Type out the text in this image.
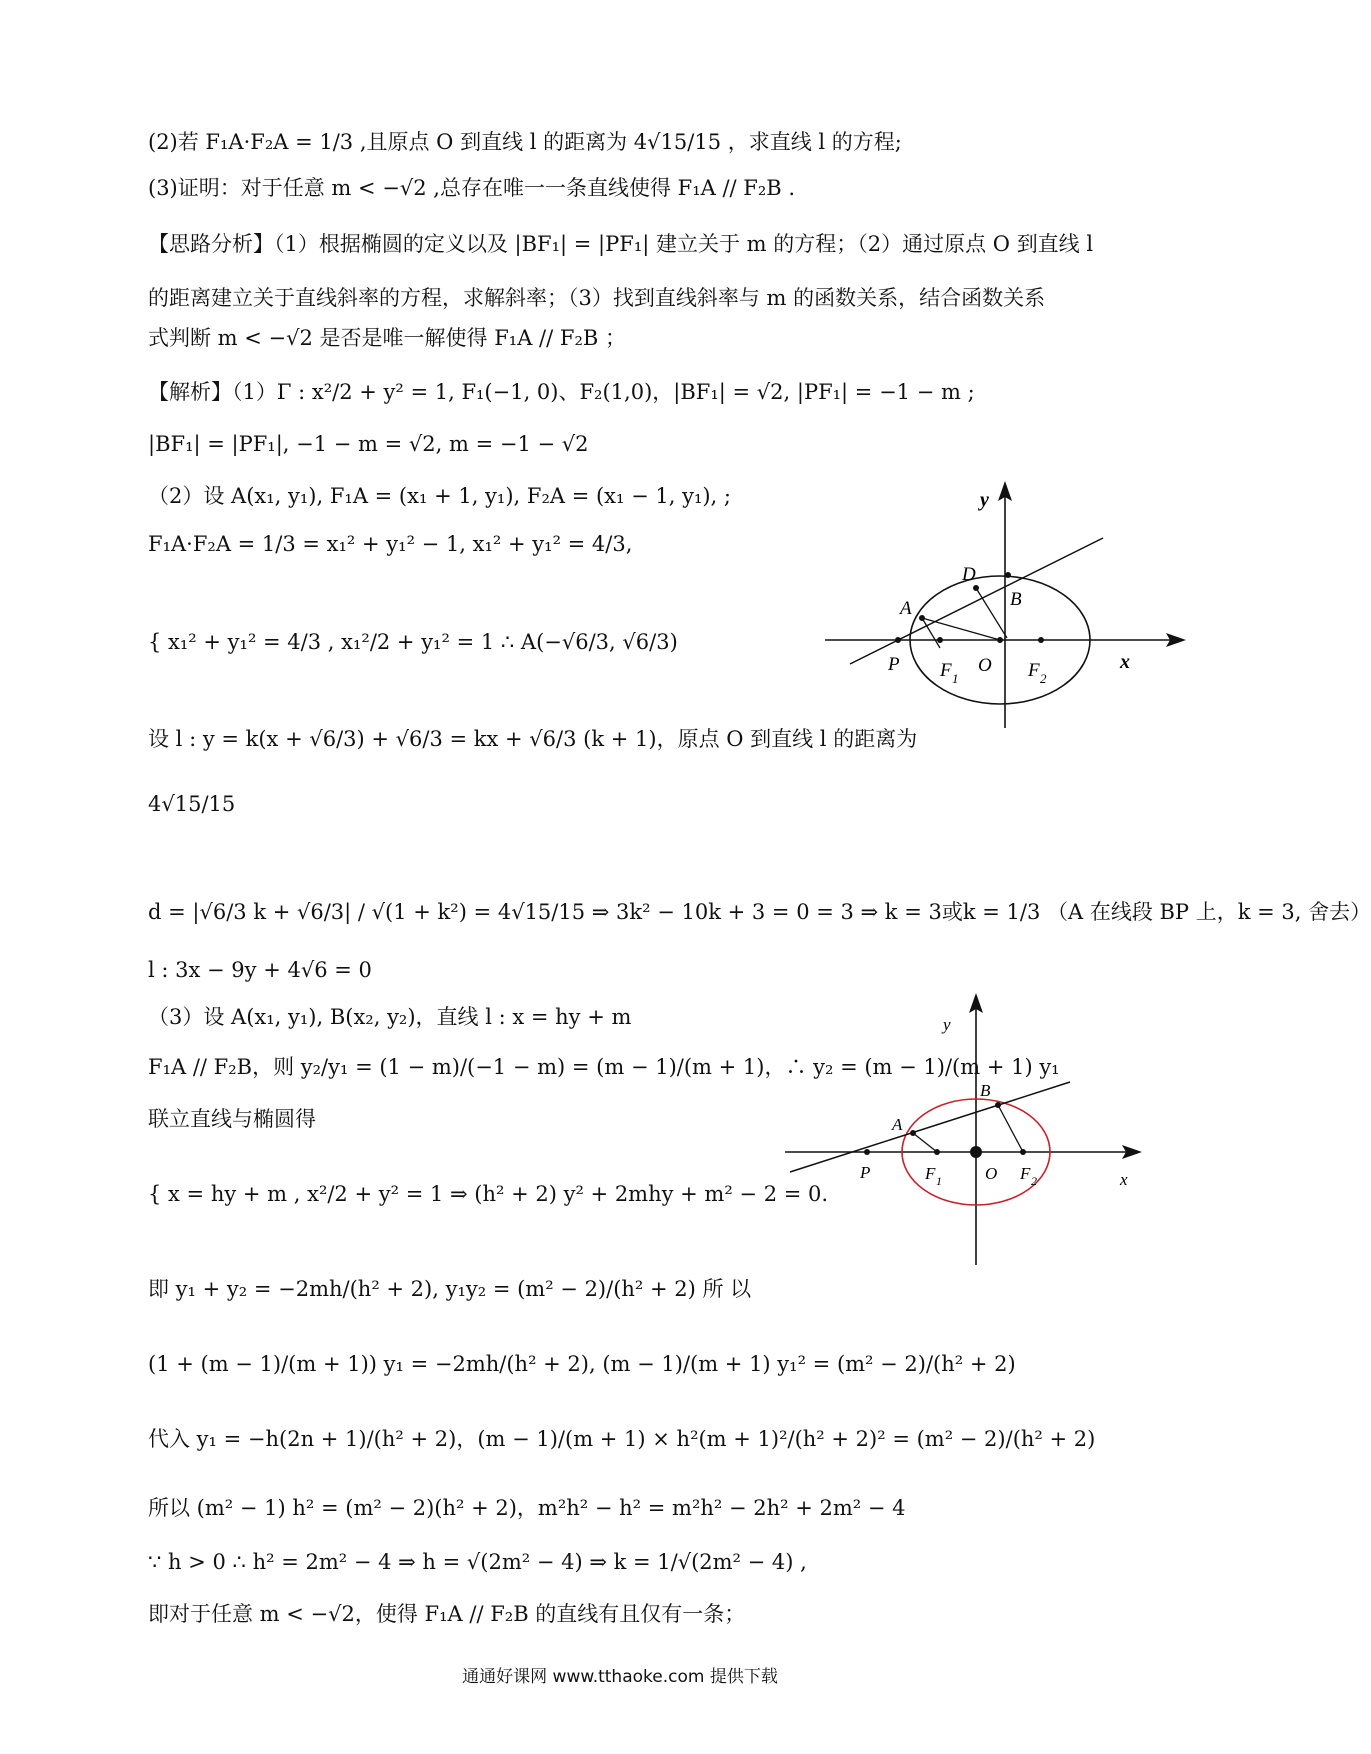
(2)若 F₁A·F₂A = 1/3 ,且原点 O 到直线 l 的距离为 4√15/15 ，求直线 l 的方程;
(3)证明：对于任意 m < −√2 ,总存在唯一一条直线使得 F₁A // F₂B .
【思路分析】（1）根据椭圆的定义以及 |BF₁| = |PF₁| 建立关于 m 的方程；（2）通过原点 O 到直线 l
的距离建立关于直线斜率的方程，求解斜率；（3）找到直线斜率与 m 的函数关系，结合函数关系
式判断 m < −√2 是否是唯一解使得 F₁A // F₂B ；
【解析】（1）Γ : x²/2 + y² = 1, F₁(−1, 0)、F₂(1,0)，|BF₁| = √2, |PF₁| = −1 − m ;
|BF₁| = |PF₁|, −1 − m = √2, m = −1 − √2
（2）设 A(x₁, y₁), F₁A = (x₁ + 1, y₁), F₂A = (x₁ − 1, y₁), ;
F₁A·F₂A = 1/3 = x₁² + y₁² − 1, x₁² + y₁² = 4/3,
{ x₁² + y₁² = 4/3 , x₁²/2 + y₁² = 1 ∴ A(−√6/3, √6/3)
设 l : y = k(x + √6/3) + √6/3 = kx + √6/3 (k + 1)，原点 O 到直线 l 的距离为
4√15/15
d = |√6/3 k + √6/3| / √(1 + k²) = 4√15/15 ⇒ 3k² − 10k + 3 = 0 = 3 ⇒ k = 3或k = 1/3 （A 在线段 BP 上，k = 3, 舍去）
l : 3x − 9y + 4√6 = 0
（3）设 A(x₁, y₁), B(x₂, y₂)，直线 l : x = hy + m
F₁A // F₂B，则 y₂/y₁ = (1 − m)/(−1 − m) = (m − 1)/(m + 1)，∴ y₂ = (m − 1)/(m + 1) y₁
联立直线与椭圆得
{ x = hy + m , x²/2 + y² = 1 ⇒ (h² + 2) y² + 2mhy + m² − 2 = 0.
即 y₁ + y₂ = −2mh/(h² + 2), y₁y₂ = (m² − 2)/(h² + 2) 所 以
(1 + (m − 1)/(m + 1)) y₁ = −2mh/(h² + 2), (m − 1)/(m + 1) y₁² = (m² − 2)/(h² + 2)
代入 y₁ = −h(2n + 1)/(h² + 2)，(m − 1)/(m + 1) × h²(m + 1)²/(h² + 2)² = (m² − 2)/(h² + 2)
所以 (m² − 1) h² = (m² − 2)(h² + 2)，m²h² − h² = m²h² − 2h² + 2m² − 4
∵ h > 0 ∴ h² = 2m² − 4 ⇒ h = √(2m² − 4) ⇒ k = 1/√(2m² − 4) ,
即对于任意 m < −√2，使得 F₁A // F₂B 的直线有且仅有一条；
x
y
P F 1
O F 2
A	B
D
x
y
P	F 1	O F 2
A
B
通通好课网 www.tthaoke.com 提供下载
